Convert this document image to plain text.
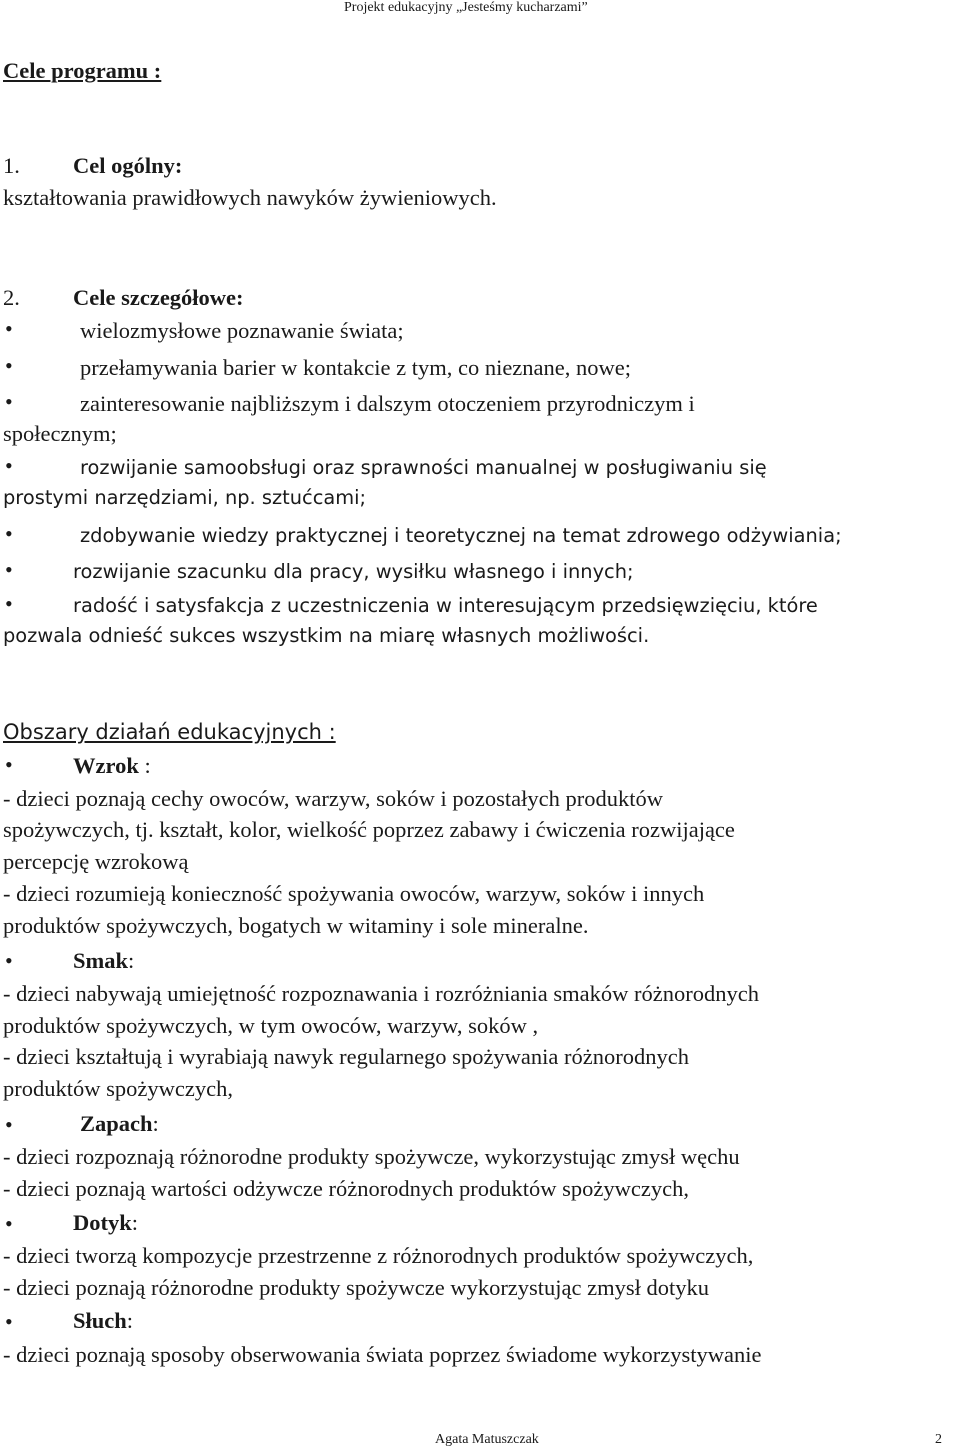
Projekt edukacyjny „Jesteśmy kucharzami”
Cele programu :
1. Cel ogólny:
kształtowania prawidłowych nawyków żywieniowych.
2. Cele szczegółowe:
•	wielozmysłowe poznawanie świata;
•	przełamywania barier w kontakcie z tym, co nieznane, nowe;
•	zainteresowanie najbliższym i dalszym otoczeniem przyrodniczym i
społecznym;
•	rozwijanie samoobsługi oraz sprawności manualnej w posługiwaniu się
prostymi narzędziami, np. sztućcami;
•	zdobywanie wiedzy praktycznej i teoretycznej na temat zdrowego odżywiania;
•	rozwijanie szacunku dla pracy, wysiłku własnego i innych;
•	radość i satysfakcja z uczestniczenia w interesującym przedsięwzięciu, które
pozwala odnieść sukces wszystkim na miarę własnych możliwości.
Obszary działań edukacyjnych :
•	Wzrok :
- dzieci poznają cechy owoców, warzyw, soków i pozostałych produktów
spożywczych, tj. kształt, kolor, wielkość poprzez zabawy i ćwiczenia rozwijające
percepcję wzrokową
- dzieci rozumieją konieczność spożywania owoców, warzyw, soków i innych
produktów spożywczych, bogatych w witaminy i sole mineralne.
•	Smak:
- dzieci nabywają umiejętność rozpoznawania i rozróżniania smaków różnorodnych
produktów spożywczych, w tym owoców, warzyw, soków ,
- dzieci kształtują i wyrabiają nawyk regularnego spożywania różnorodnych
produktów spożywczych,
•	Zapach:
- dzieci rozpoznają różnorodne produkty spożywcze, wykorzystując zmysł węchu
- dzieci poznają wartości odżywcze różnorodnych produktów spożywczych,
•	Dotyk:
- dzieci tworzą kompozycje przestrzenne z różnorodnych produktów spożywczych,
- dzieci poznają różnorodne produkty spożywcze wykorzystując zmysł dotyku
•	Słuch:
- dzieci poznają sposoby obserwowania świata poprzez świadome wykorzystywanie
Agata Matuszczak	2
